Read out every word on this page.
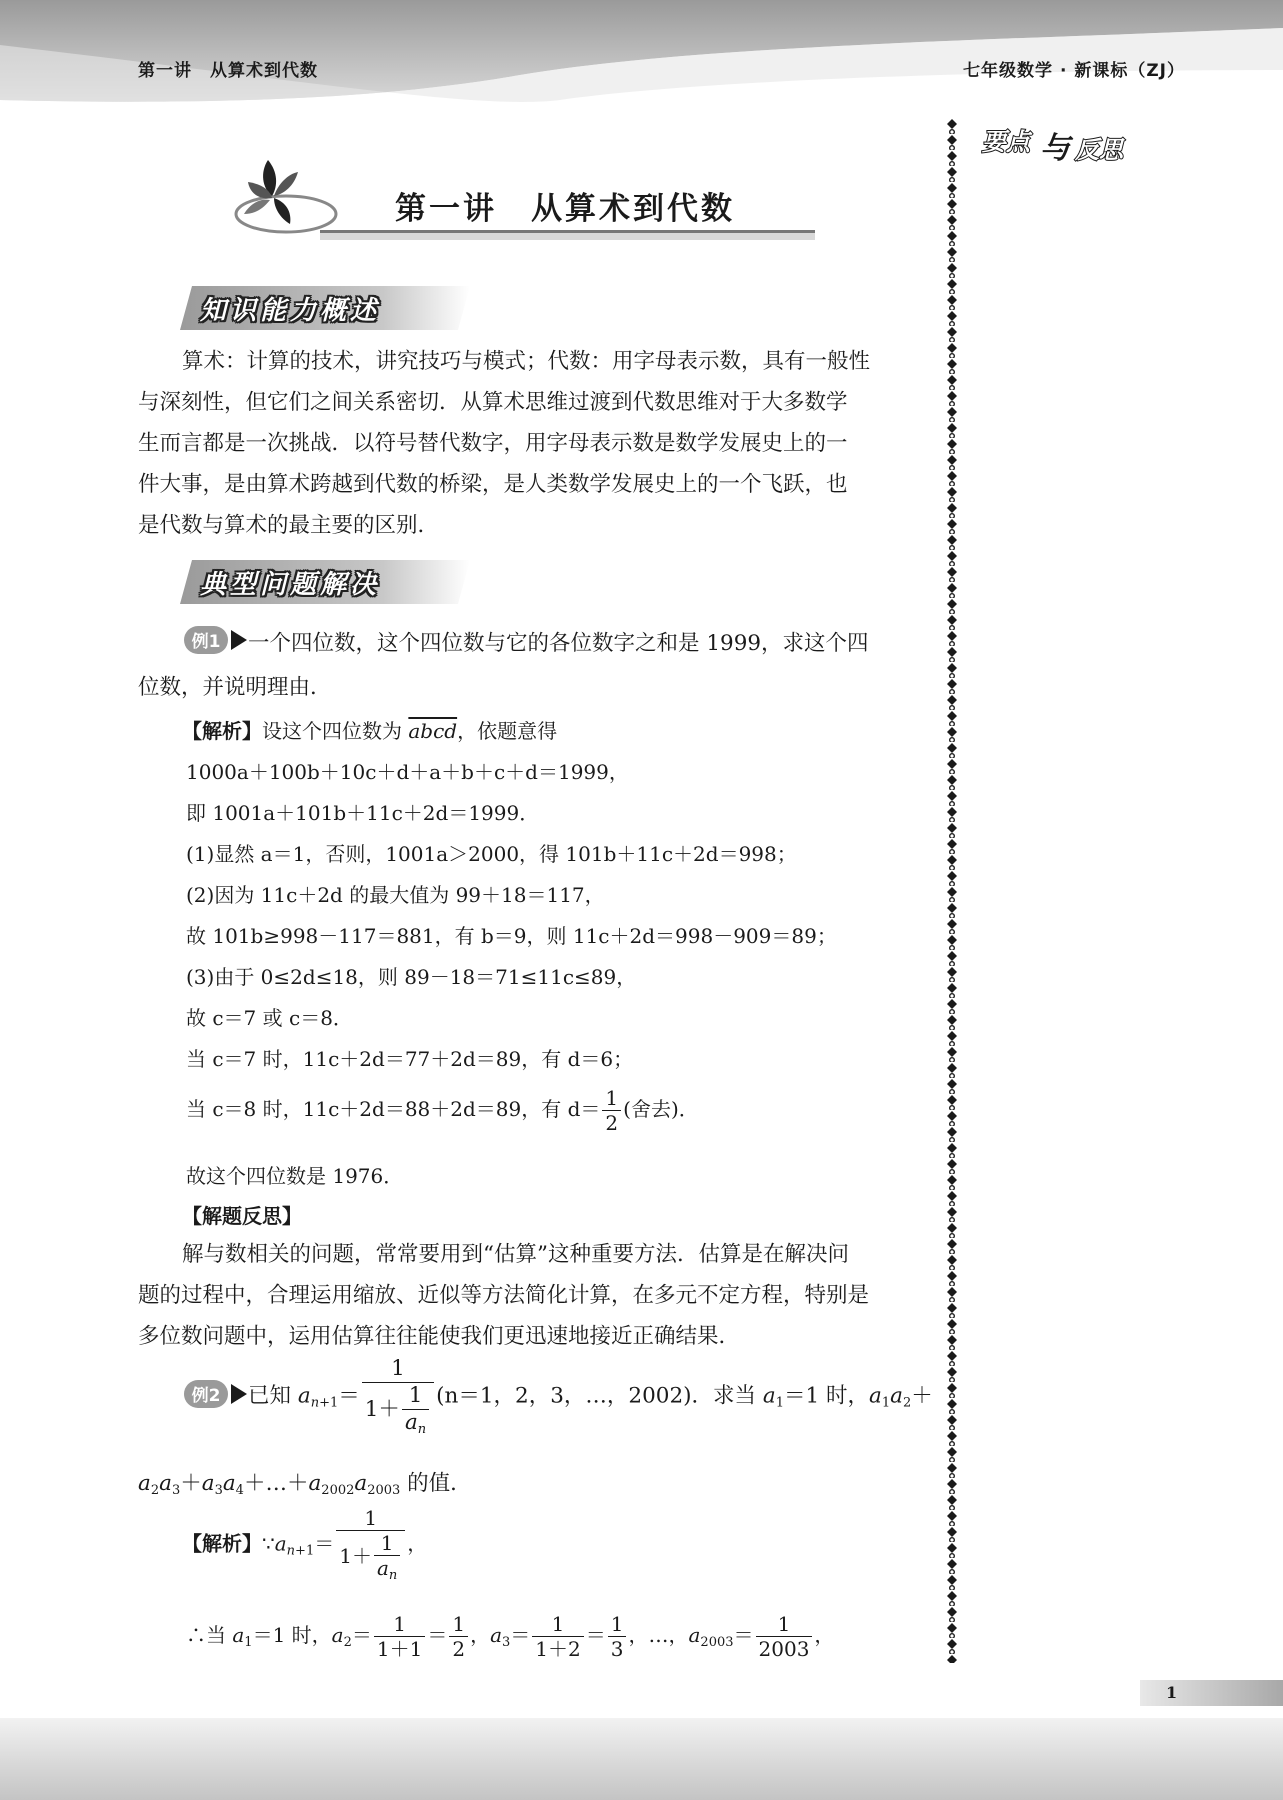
第一讲　从算术到代数	七年级数学 · 新课标（ZJ）
要点 与 反思
第一讲　从算术到代数
知识能力概述
算术：计算的技术，讲究技巧与模式；代数：用字母表示数，具有一般性
与深刻性，但它们之间关系密切．从算术思维过渡到代数思维对于大多数学
生而言都是一次挑战．以符号替代数字，用字母表示数是数学发展史上的一
件大事，是由算术跨越到代数的桥梁，是人类数学发展史上的一个飞跃，也
是代数与算术的最主要的区别．
典型问题解决
例1 一个四位数，这个四位数与它的各位数字之和是 1999，求这个四
位数，并说明理由．
【解析】设这个四位数为 abcd，依题意得
1000a＋100b＋10c＋d＋a＋b＋c＋d＝1999，
即 1001a＋101b＋11c＋2d＝1999．
(1)显然 a＝1，否则，1001a＞2000，得 101b＋11c＋2d＝998；
(2)因为 11c＋2d 的最大值为 99＋18＝117，
故 101b≥998－117＝881，有 b＝9，则 11c＋2d＝998－909＝89；
(3)由于 0≤2d≤18，则 89－18＝71≤11c≤89，
故 c＝7 或 c＝8．
当 c＝7 时，11c＋2d＝77＋2d＝89，有 d＝6；
当 c＝8 时，11c＋2d＝88＋2d＝89，有 $d= \frac{1}{2}$ (舍去)．
故这个四位数是 1976．
【解题反思】
解与数相关的问题，常常要用到“估算”这种重要方法．估算是在解决问
题的过程中，合理运用缩放、近似等方法简化计算，在多元不定方程，特别是
多位数问题中，运用估算往往能使我们更迅速地接近正确结果．
例2 已知 $a_{n+1}= \frac{1}{1+ \frac{1}{a_n}} (n=1$，2，3，…，2002)．求当 $a_1=1$ 时，$a_1a_2+$
$a_2a_3+a_3a_4+\dots+a_{2002}a_{2003}$ 的值．
【解析】$\because a_{n+1}= \frac{1}{1+ \frac{1}{a_n}}$ ，
∴当 $a_1=1$ 时，$a_2= \frac{1}{1+1} = \frac{1}{2}$ ，$a_3= \frac{1}{1+2} = \frac{1}{3}$ ，…，$a_{2003}= \frac{1}{2003}$ ，
1
